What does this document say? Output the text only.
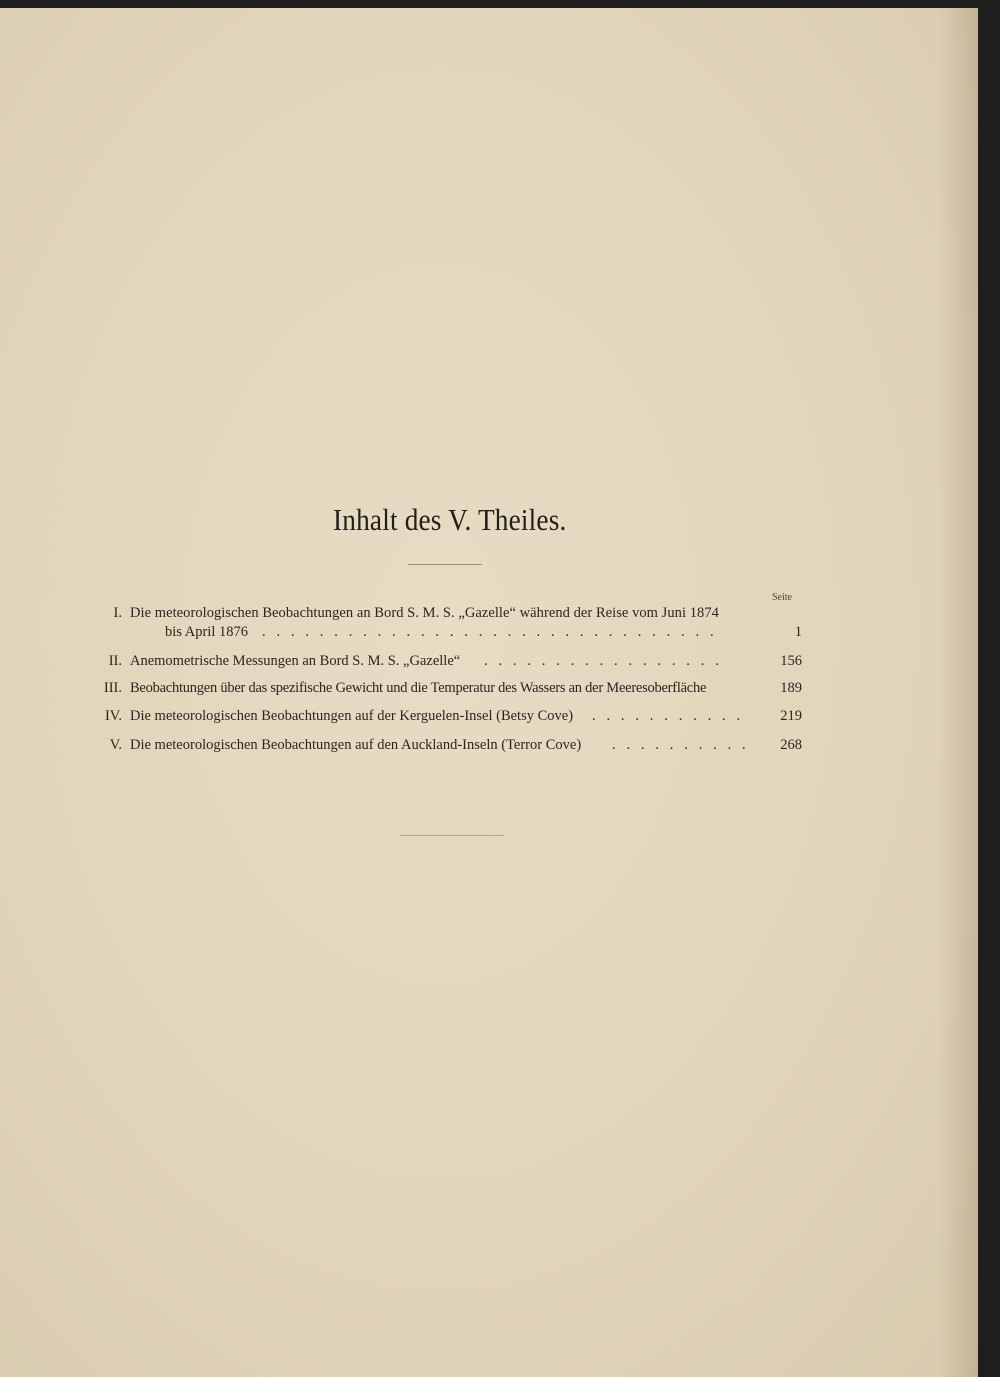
Inhalt des V. Theiles.
Seite
I. Die meteorologischen Beobachtungen an Bord S. M. S. „Gazelle“ während der Reise vom Juni 1874
bis April 1876 . . . . . . . . . . . . . . . . . . . . . . . . . . . . . . . .	1
II. Anemometrische Messungen an Bord S. M. S. „Gazelle“ . . . . . . . . . . . . . . . . .	156
III. Beobachtungen über das spezifische Gewicht und die Temperatur des Wassers an der Meeresoberfläche	189
IV. Die meteorologischen Beobachtungen auf der Kerguelen-Insel (Betsy Cove) . . . . . . . . . . .	219
V. Die meteorologischen Beobachtungen auf den Auckland-Inseln (Terror Cove) . . . . . . . . . .	268
